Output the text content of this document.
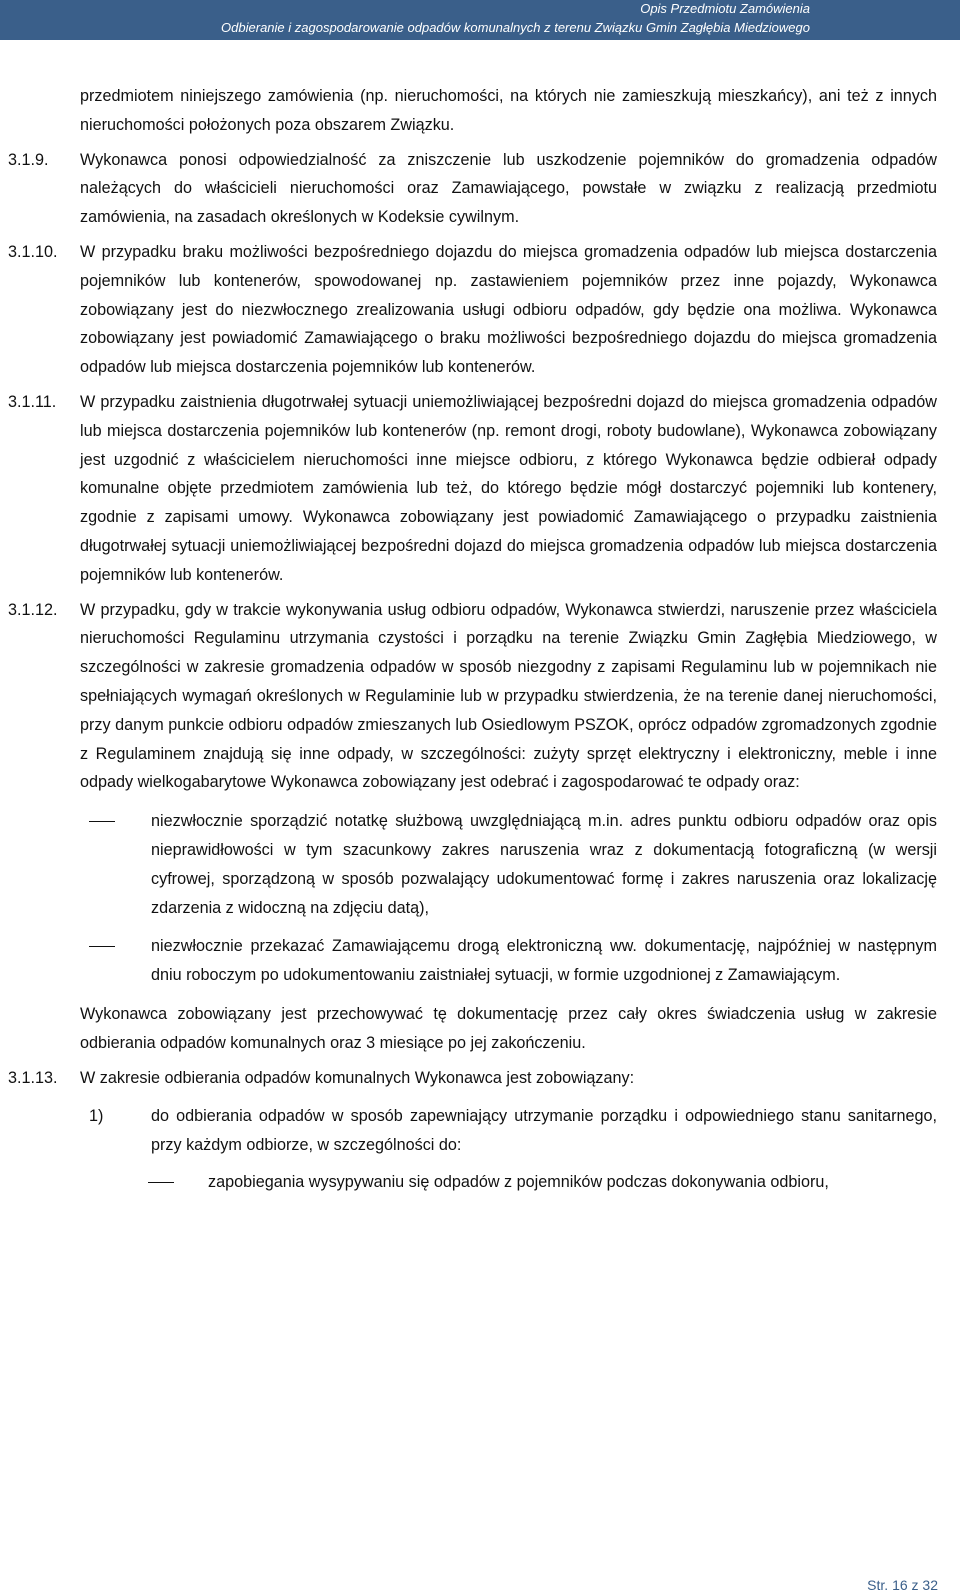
Opis Przedmiotu Zamówienia
Odbieranie i zagospodarowanie odpadów komunalnych z terenu Związku Gmin Zagłębia Miedziowego
przedmiotem niniejszego zamówienia (np. nieruchomości, na których nie zamieszkują mieszkańcy), ani też z innych nieruchomości położonych poza obszarem Związku.
3.1.9. Wykonawca ponosi odpowiedzialność za zniszczenie lub uszkodzenie pojemników do gromadzenia odpadów należących do właścicieli nieruchomości oraz Zamawiającego, powstałe w związku z realizacją przedmiotu zamówienia, na zasadach określonych w Kodeksie cywilnym.
3.1.10. W przypadku braku możliwości bezpośredniego dojazdu do miejsca gromadzenia odpadów lub miejsca dostarczenia pojemników lub kontenerów, spowodowanej np. zastawieniem pojemników przez inne pojazdy, Wykonawca zobowiązany jest do niezwłocznego zrealizowania usługi odbioru odpadów, gdy będzie ona możliwa. Wykonawca zobowiązany jest powiadomić Zamawiającego o braku możliwości bezpośredniego dojazdu do miejsca gromadzenia odpadów lub miejsca dostarczenia pojemników lub kontenerów.
3.1.11. W przypadku zaistnienia długotrwałej sytuacji uniemożliwiającej bezpośredni dojazd do miejsca gromadzenia odpadów lub miejsca dostarczenia pojemników lub kontenerów (np. remont drogi, roboty budowlane), Wykonawca zobowiązany jest uzgodnić z właścicielem nieruchomości inne miejsce odbioru, z którego Wykonawca będzie odbierał odpady komunalne objęte przedmiotem zamówienia lub też, do którego będzie mógł dostarczyć pojemniki lub kontenery, zgodnie z zapisami umowy. Wykonawca zobowiązany jest powiadomić Zamawiającego o przypadku zaistnienia długotrwałej sytuacji uniemożliwiającej bezpośredni dojazd do miejsca gromadzenia odpadów lub miejsca dostarczenia pojemników lub kontenerów.
3.1.12. W przypadku, gdy w trakcie wykonywania usług odbioru odpadów, Wykonawca stwierdzi, naruszenie przez właściciela nieruchomości Regulaminu utrzymania czystości i porządku na terenie Związku Gmin Zagłębia Miedziowego, w szczególności w zakresie gromadzenia odpadów w sposób niezgodny z zapisami Regulaminu lub w pojemnikach nie spełniających wymagań określonych w Regulaminie lub w przypadku stwierdzenia, że na terenie danej nieruchomości, przy danym punkcie odbioru odpadów zmieszanych lub Osiedlowym PSZOK, oprócz odpadów zgromadzonych zgodnie z Regulaminem znajdują się inne odpady, w szczególności: zużyty sprzęt elektryczny i elektroniczny, meble i inne odpady wielkogabarytowe Wykonawca zobowiązany jest odebrać i zagospodarować te odpady oraz:
niezwłocznie sporządzić notatkę służbową uwzględniającą m.in. adres punktu odbioru odpadów oraz opis nieprawidłowości w tym szacunkowy zakres naruszenia wraz z dokumentacją fotograficzną (w wersji cyfrowej, sporządzoną w sposób pozwalający udokumentować formę i zakres naruszenia oraz lokalizację zdarzenia z widoczną na zdjęciu datą),
niezwłocznie przekazać Zamawiającemu drogą elektroniczną ww. dokumentację, najpóźniej w następnym dniu roboczym po udokumentowaniu zaistniałej sytuacji, w formie uzgodnionej z Zamawiającym.
Wykonawca zobowiązany jest przechowywać tę dokumentację przez cały okres świadczenia usług w zakresie odbierania odpadów komunalnych oraz 3 miesiące po jej zakończeniu.
3.1.13. W zakresie odbierania odpadów komunalnych Wykonawca jest zobowiązany:
1)	do odbierania odpadów w sposób zapewniający utrzymanie porządku i odpowiedniego stanu sanitarnego, przy każdym odbiorze, w szczególności do:
zapobiegania wysypywaniu się odpadów z pojemników podczas dokonywania odbioru,
Str. 16 z 32
